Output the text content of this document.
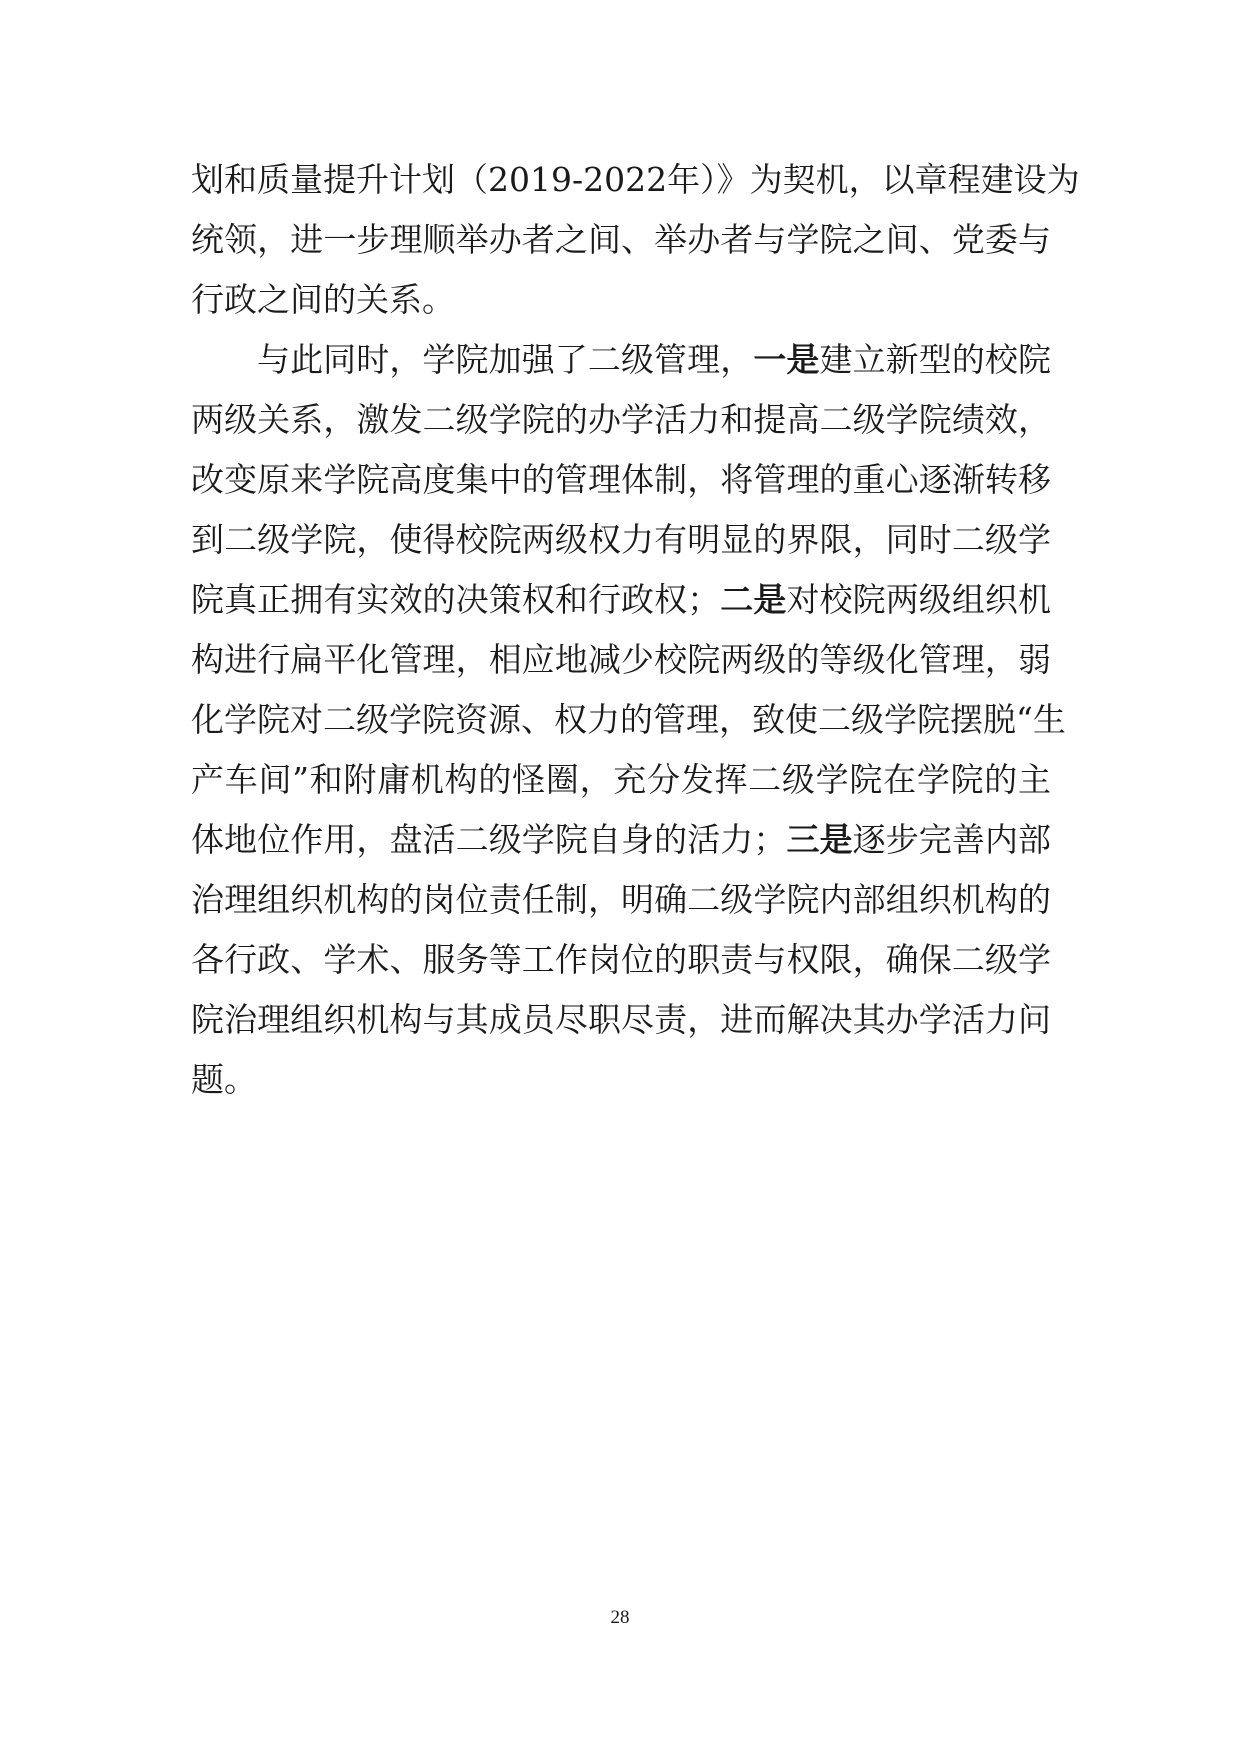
划和质量提升计划（2019-2022年）》为契机，以章程建设为
统领，进一步理顺举办者之间、举办者与学院之间、党委与
行政之间的关系。
与此同时，学院加强了二级管理，一是建立新型的校院
两级关系，激发二级学院的办学活力和提高二级学院绩效，
改变原来学院高度集中的管理体制，将管理的重心逐渐转移
到二级学院，使得校院两级权力有明显的界限，同时二级学
院真正拥有实效的决策权和行政权；二是对校院两级组织机
构进行扁平化管理，相应地减少校院两级的等级化管理，弱
化学院对二级学院资源、权力的管理，致使二级学院摆脱“生
产车间”和附庸机构的怪圈，充分发挥二级学院在学院的主
体地位作用，盘活二级学院自身的活力；三是逐步完善内部
治理组织机构的岗位责任制，明确二级学院内部组织机构的
各行政、学术、服务等工作岗位的职责与权限，确保二级学
院治理组织机构与其成员尽职尽责，进而解决其办学活力问
题。
28
